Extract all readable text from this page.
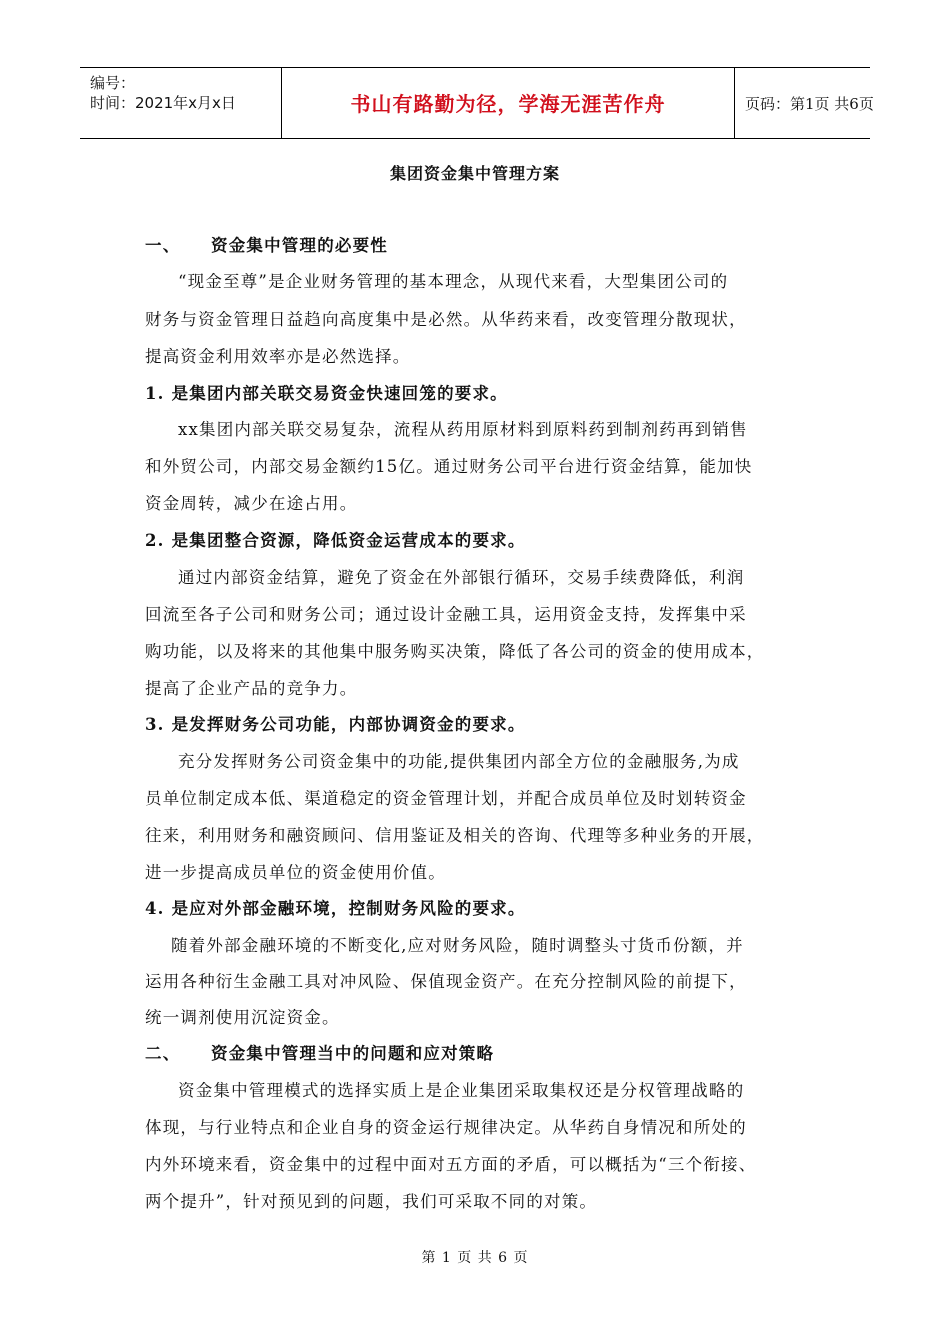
编号：
时间：2021年x月x日	书山有路勤为径，学海无涯苦作舟	页码：第1页 共6页
集团资金集中管理方案
一、 资金集中管理的必要性
“现金至尊”是企业财务管理的基本理念，从现代来看，大型集团公司的
财务与资金管理日益趋向高度集中是必然。从华药来看，改变管理分散现状，
提高资金利用效率亦是必然选择。
1. 是集团内部关联交易资金快速回笼的要求。
xx集团内部关联交易复杂，流程从药用原材料到原料药到制剂药再到销售
和外贸公司，内部交易金额约15亿。通过财务公司平台进行资金结算，能加快
资金周转，减少在途占用。
2. 是集团整合资源，降低资金运营成本的要求。
通过内部资金结算，避免了资金在外部银行循环，交易手续费降低，利润
回流至各子公司和财务公司；通过设计金融工具，运用资金支持，发挥集中采
购功能，以及将来的其他集中服务购买决策，降低了各公司的资金的使用成本，
提高了企业产品的竞争力。
3. 是发挥财务公司功能，内部协调资金的要求。
充分发挥财务公司资金集中的功能,提供集团内部全方位的金融服务,为成
员单位制定成本低、渠道稳定的资金管理计划，并配合成员单位及时划转资金
往来，利用财务和融资顾问、信用鉴证及相关的咨询、代理等多种业务的开展，
进一步提高成员单位的资金使用价值。
4. 是应对外部金融环境，控制财务风险的要求。
随着外部金融环境的不断变化,应对财务风险，随时调整头寸货币份额，并
运用各种衍生金融工具对冲风险、保值现金资产。在充分控制风险的前提下，
统一调剂使用沉淀资金。
二、 资金集中管理当中的问题和应对策略
资金集中管理模式的选择实质上是企业集团采取集权还是分权管理战略的
体现，与行业特点和企业自身的资金运行规律决定。从华药自身情况和所处的
内外环境来看，资金集中的过程中面对五方面的矛盾，可以概括为“三个衔接、
两个提升”，针对预见到的问题，我们可采取不同的对策。
第 1 页 共 6 页
